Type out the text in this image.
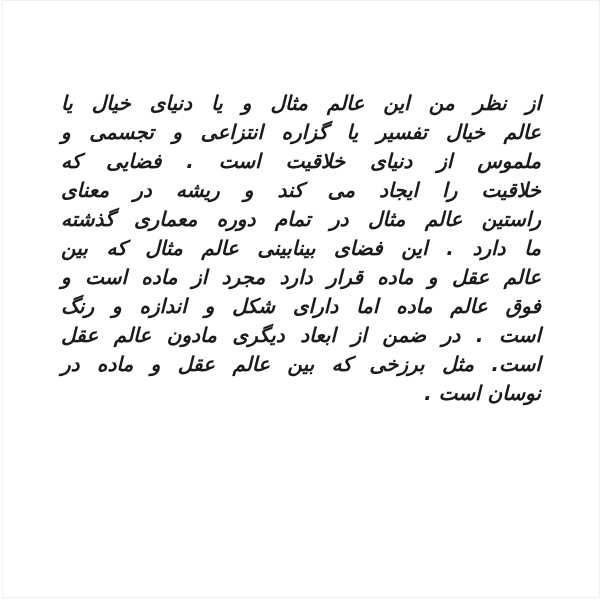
از نظر من این عالم مثال و یا دنیای خیال یا
عالم خیال تفسیر یا گزاره انتزاعی و تجسمی و
ملموس از دنیای خلاقیت است . فضایی که
خلاقیت را ایجاد می کند و ریشه در معنای
راستین عالم مثال در تمام دوره معماری گذشته
ما دارد . این فضای بینابینی عالم مثال که بین
عالم عقل و ماده قرار دارد مجرد از ماده است و
فوق عالم ماده اما دارای شکل و اندازه و رنگ
است . در ضمن از ابعاد دیگری مادون عالم عقل
است. مثل برزخی که بین عالم عقل و ماده در
نوسان است .
